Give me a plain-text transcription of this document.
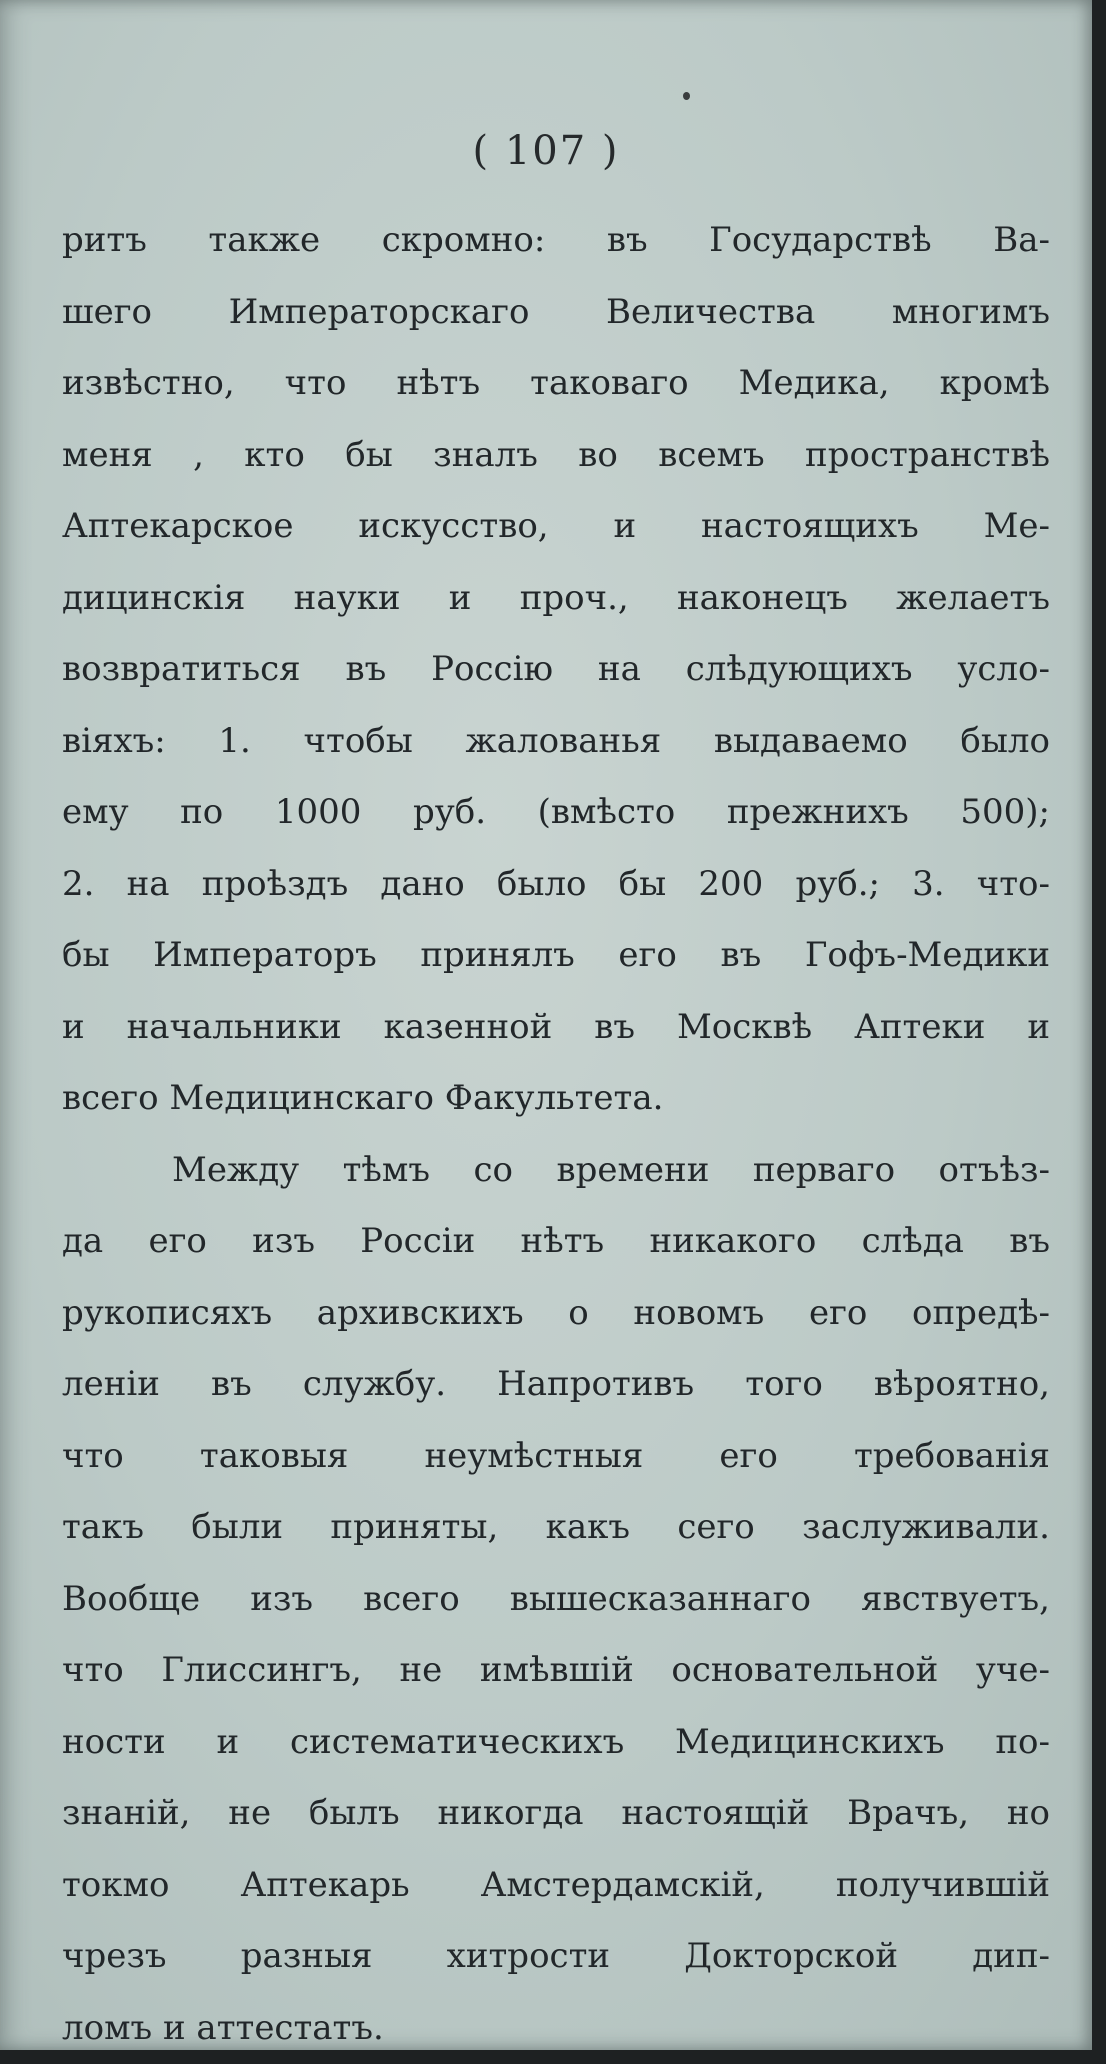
( 107 )
ритъ также скромно: въ Государствѣ Ва-
шего Императорскаго Величества многимъ
извѣстно, что нѣтъ таковаго Медика, кромѣ
меня , кто бы зналъ во всемъ пространствѣ
Аптекарское искусство, и настоящихъ Ме-
дицинскія науки и проч., наконецъ желаетъ
возвратиться въ Россію на слѣдующихъ усло-
віяхъ: 1. чтобы жалованья выдаваемо было
ему по 1000 руб. (вмѣсто прежнихъ 500);
2. на проѣздъ дано было бы 200 руб.; 3. что-
бы Императоръ принялъ его въ Гофъ-Медики
и начальники казенной въ Москвѣ Аптеки и
всего Медицинскаго Факультета.
Между тѣмъ со времени перваго отъѣз-
да его изъ Россіи нѣтъ никакого слѣда въ
рукописяхъ архивскихъ о новомъ его опредѣ-
леніи въ службу. Напротивъ того вѣроятно,
что таковыя неумѣстныя его требованія
такъ были приняты, какъ сего заслуживали.
Вообще изъ всего вышесказаннаго явствуетъ,
что Глиссингъ, не имѣвшій основательной уче-
ности и систематическихъ Медицинскихъ по-
знаній, не былъ никогда настоящій Врачъ, но
токмо Аптекарь Амстердамскій, получившій
чрезъ разныя хитрости Докторской дип-
ломъ и аттестатъ.
